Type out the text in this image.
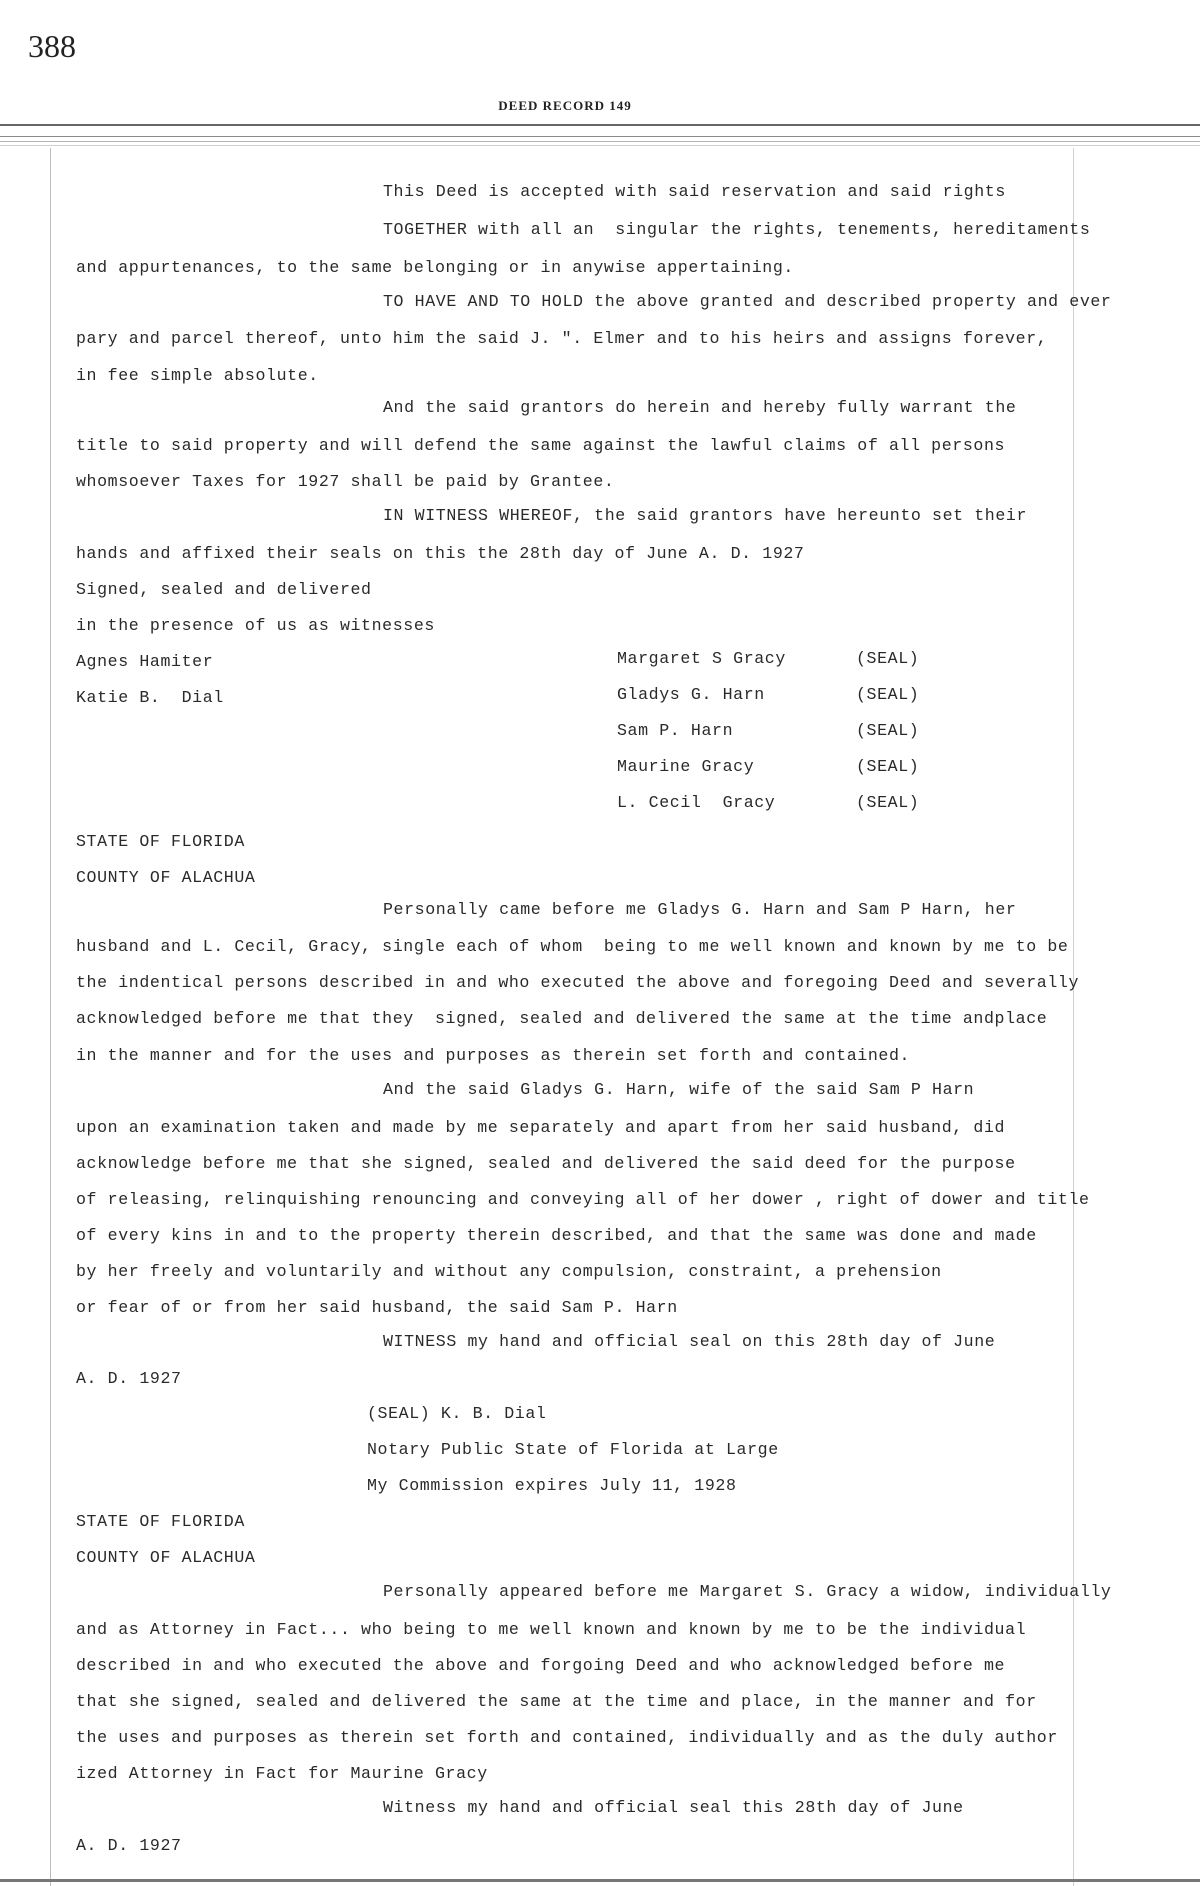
388
DEED RECORD 149
This Deed is accepted with said reservation and said rights
TOGETHER with all an  singular the rights, tenements, hereditaments
and appurtenances, to the same belonging or in anywise appertaining.
TO HAVE AND TO HOLD the above granted and described property and ever
pary and parcel thereof, unto him the said J. ". Elmer and to his heirs and assigns forever,
in fee simple absolute.
And the said grantors do herein and hereby fully warrant the
title to said property and will defend the same against the lawful claims of all persons
whomsoever Taxes for 1927 shall be paid by Grantee.
IN WITNESS WHEREOF, the said grantors have hereunto set their
hands and affixed their seals on this the 28th day of June A. D. 1927
Signed, sealed and delivered
in the presence of us as witnesses
Agnes Hamiter
Katie B.  Dial
Margaret S Gracy	(SEAL)
Gladys G. Harn	(SEAL)
Sam P. Harn	(SEAL)
Maurine Gracy	(SEAL)
L. Cecil  Gracy	(SEAL)
STATE OF FLORIDA
COUNTY OF ALACHUA
Personally came before me Gladys G. Harn and Sam P Harn, her
husband and L. Cecil, Gracy, single each of whom  being to me well known and known by me to be
the indentical persons described in and who executed the above and foregoing Deed and severally
acknowledged before me that they  signed, sealed and delivered the same at the time andplace
in the manner and for the uses and purposes as therein set forth and contained.
And the said Gladys G. Harn, wife of the said Sam P Harn
upon an examination taken and made by me separately and apart from her said husband, did
acknowledge before me that she signed, sealed and delivered the said deed for the purpose
of releasing, relinquishing renouncing and conveying all of her dower , right of dower and title
of every kins in and to the property therein described, and that the same was done and made
by her freely and voluntarily and without any compulsion, constraint, a prehension
or fear of or from her said husband, the said Sam P. Harn
WITNESS my hand and official seal on this 28th day of June
A. D. 1927
(SEAL) K. B. Dial
Notary Public State of Florida at Large
My Commission expires July 11, 1928
STATE OF FLORIDA
COUNTY OF ALACHUA
Personally appeared before me Margaret S. Gracy a widow, individually
and as Attorney in Fact... who being to me well known and known by me to be the individual
described in and who executed the above and forgoing Deed and who acknowledged before me
that she signed, sealed and delivered the same at the time and place, in the manner and for
the uses and purposes as therein set forth and contained, individually and as the duly author
ized Attorney in Fact for Maurine Gracy
Witness my hand and official seal this 28th day of June
A. D. 1927
